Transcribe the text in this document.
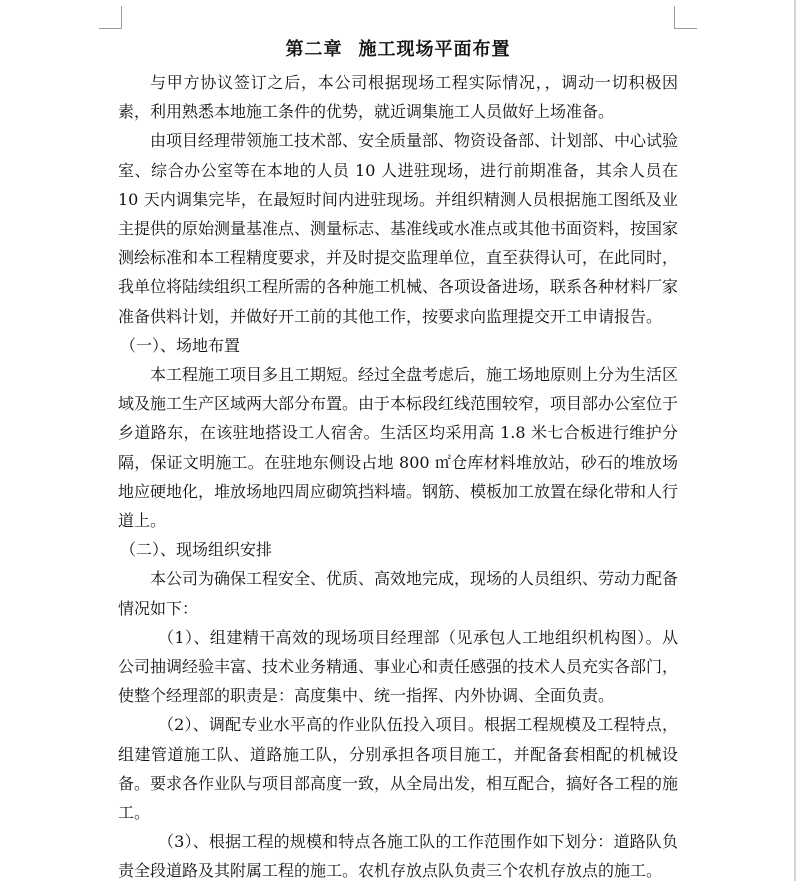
第二章 施工现场平面布置

与甲方协议签订之后，本公司根据现场工程实际情况，，调动一切积极因素，利用熟悉本地施工条件的优势，就近调集施工人员做好上场准备。

由项目经理带领施工技术部、安全质量部、物资设备部、计划部、中心试验室、综合办公室等在本地的人员 10 人进驻现场，进行前期准备，其余人员在 10 天内调集完毕，在最短时间内进驻现场。并组织精测人员根据施工图纸及业主提供的原始测量基准点、测量标志、基准线或水准点或其他书面资料，按国家测绘标准和本工程精度要求，并及时提交监理单位，直至获得认可，在此同时，我单位将陆续组织工程所需的各种施工机械、各项设备进场，联系各种材料厂家准备供料计划，并做好开工前的其他工作，按要求向监理提交开工申请报告。

（一）、场地布置

本工程施工项目多且工期短。经过全盘考虑后，施工场地原则上分为生活区域及施工生产区域两大部分布置。由于本标段红线范围较窄，项目部办公室位于乡道路东，在该驻地搭设工人宿舍。生活区均采用高 1.8 米七合板进行维护分隔，保证文明施工。在驻地东侧设占地 800 ㎡仓库材料堆放站，砂石的堆放场地应硬地化，堆放场地四周应砌筑挡料墙。钢筋、模板加工放置在绿化带和人行道上。

（二）、现场组织安排

本公司为确保工程安全、优质、高效地完成，现场的人员组织、劳动力配备情况如下：

（1）、组建精干高效的现场项目经理部（见承包人工地组织机构图）。从公司抽调经验丰富、技术业务精通、事业心和责任感强的技术人员充实各部门，使整个经理部的职责是：高度集中、统一指挥、内外协调、全面负责。

（2）、调配专业水平高的作业队伍投入项目。根据工程规模及工程特点，组建管道施工队、道路施工队，分别承担各项目施工，并配备套相配的机械设备。要求各作业队与项目部高度一致，从全局出发，相互配合，搞好各工程的施工。

（3）、根据工程的规模和特点各施工队的工作范围作如下划分：道路队负责全段道路及其附属工程的施工。农机存放点队负责三个农机存放点的施工。
